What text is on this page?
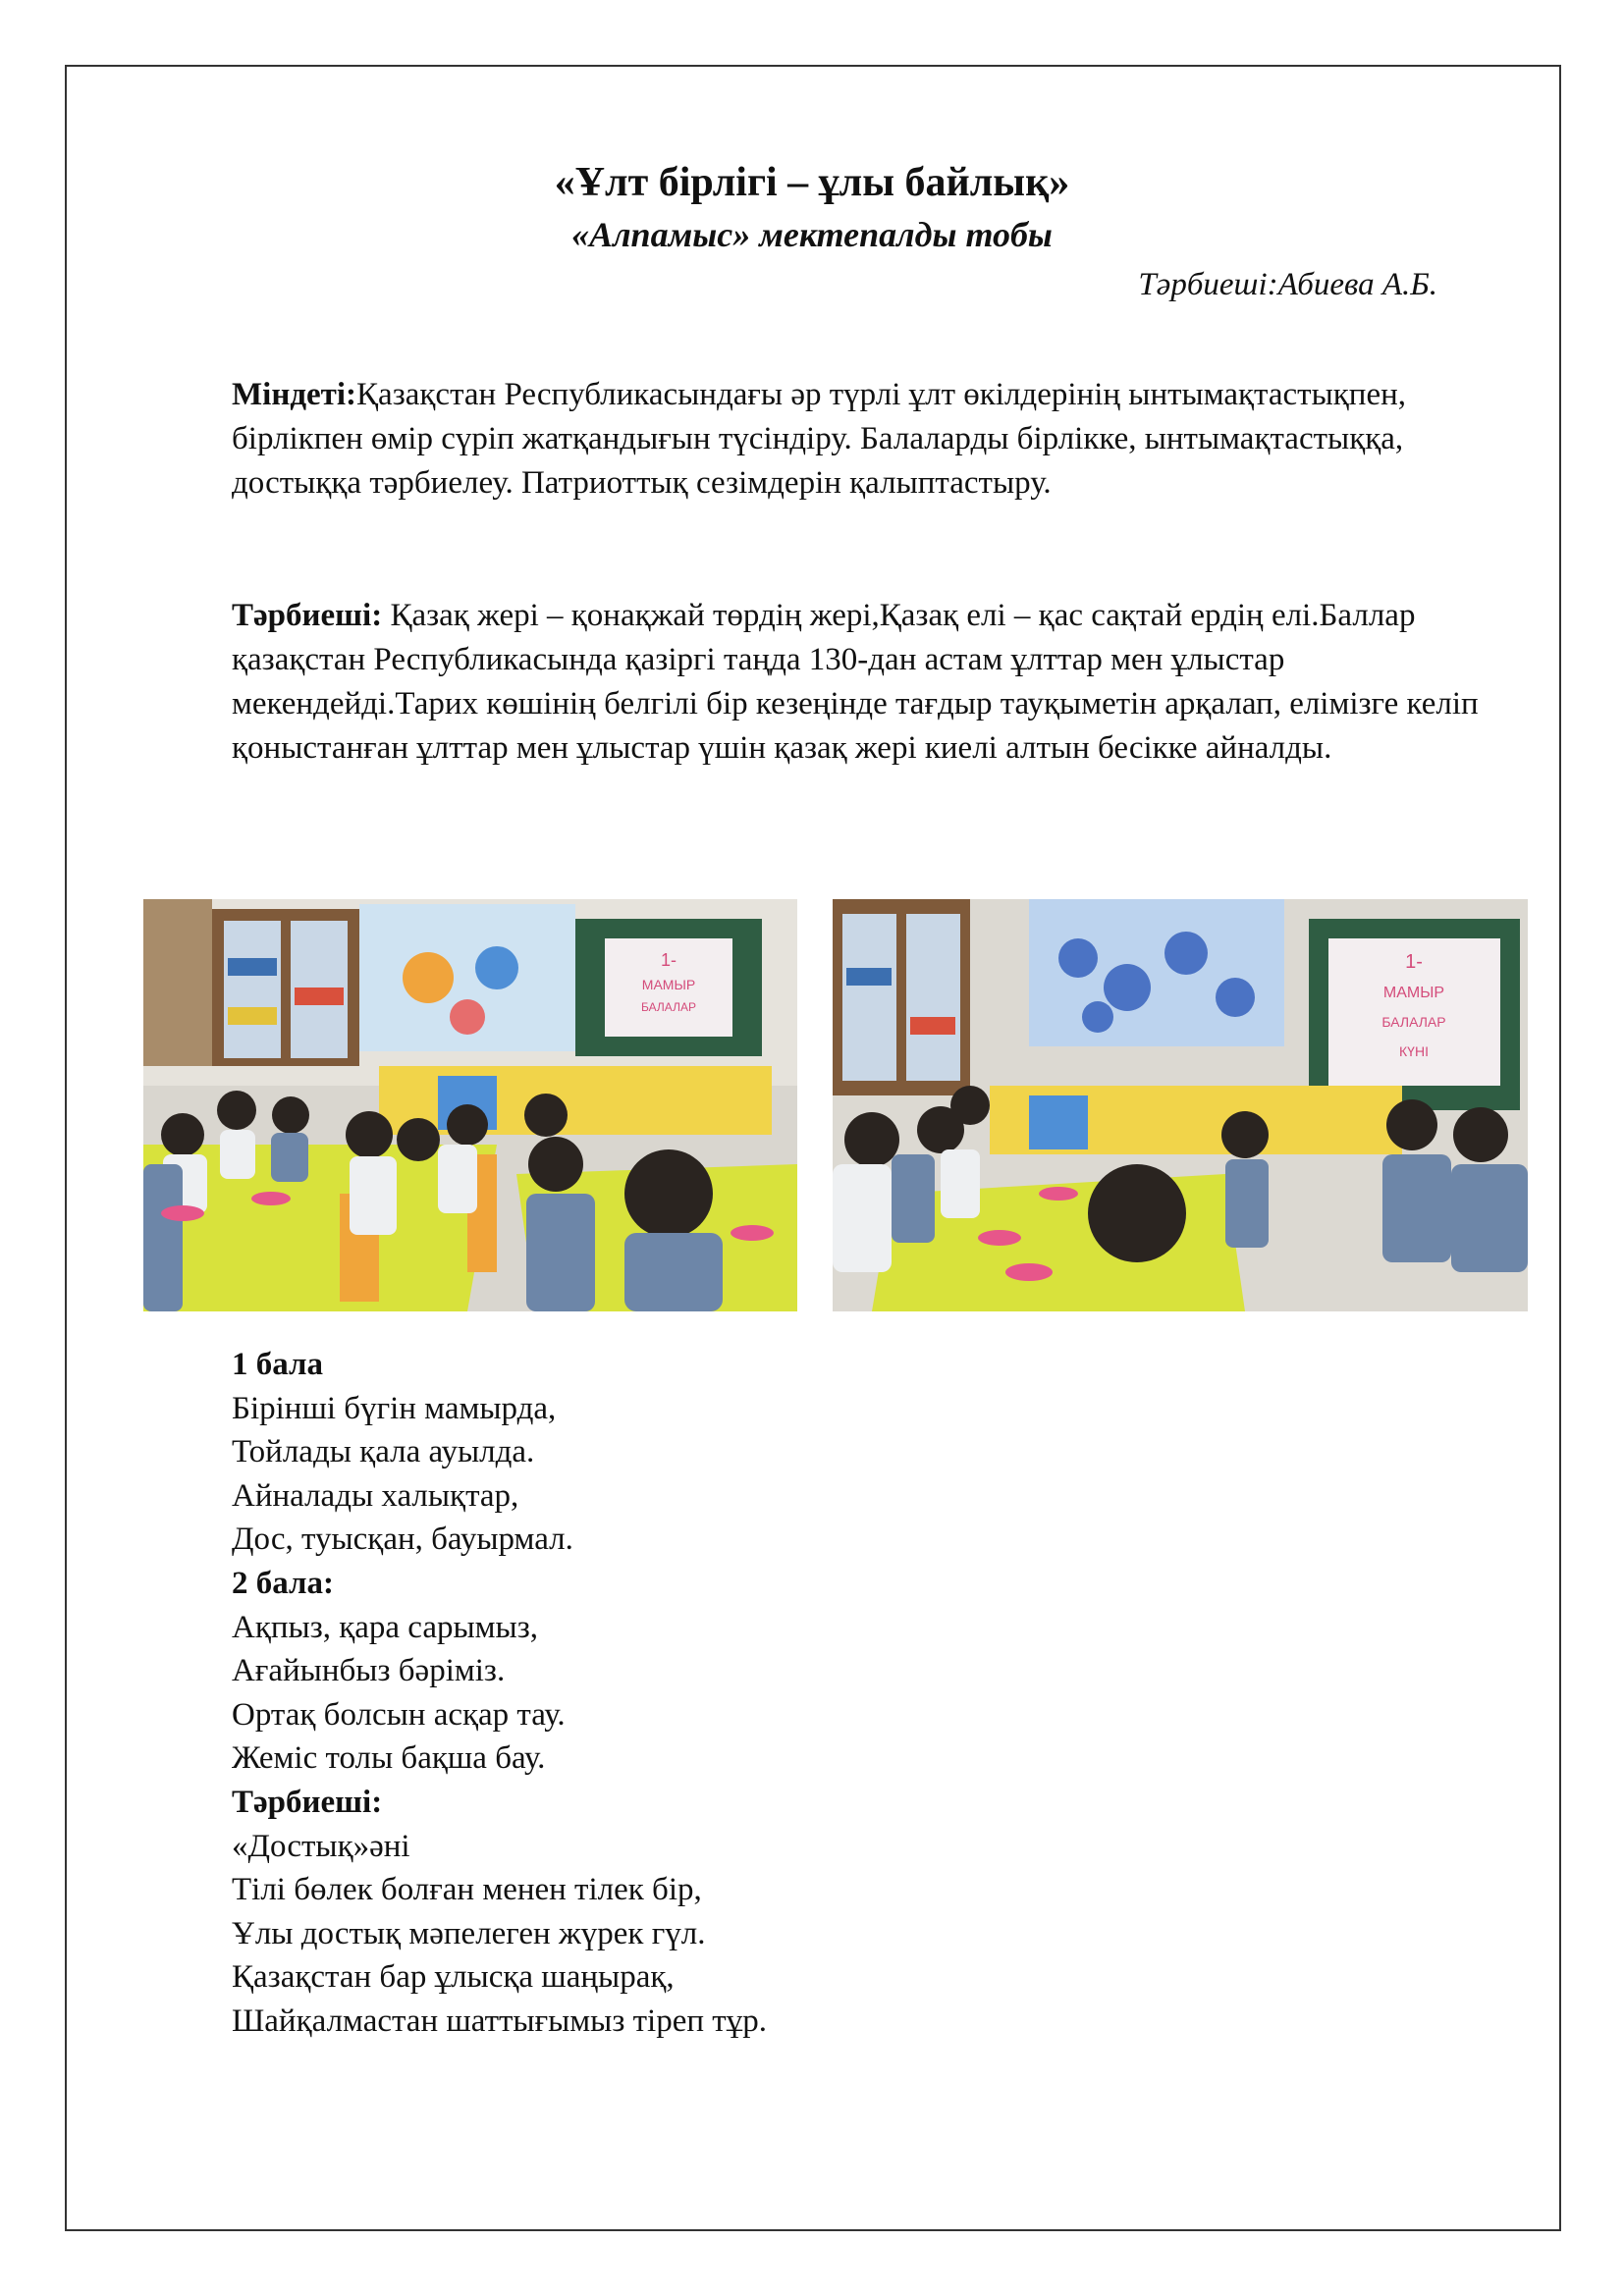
«Ұлт бірлігі – ұлы байлық»
«Алпамыс» мектепалды тобы
Тәрбиеші:Абиева А.Б.

Міндеті:Қазақстан Республикасындағы әр түрлі ұлт өкілдерінің ынтымақтастықпен, бірлікпен өмір сүріп жатқандығын түсіндіру. Балаларды бірлікке, ынтымақтастыққа, достыққа тәрбиелеу. Патриоттық сезімдерін қалыптастыру.

Тәрбиеші: Қазақ жері – қонақжай төрдің жері,Қазақ елі – қас сақтай ердің елі.Баллар қазақстан Республикасында қазіргі таңда 130-дан астам ұлттар мен ұлыстар мекендейді.Тарих көшінің белгілі бір кезеңінде тағдыр тауқыметін арқалап, елімізге келіп қоныстанған ұлттар мен ұлыстар үшін қазақ жері киелі алтын бесікке айналды.

1-
МАМЫР
БАЛАЛАР
1-
МАМЫР
БАЛАЛАР
КҮНІ
1 бала
Бірінші бүгін мамырда,
Тойлады қала ауылда.
Айналады халықтар,
Дос, туысқан, бауырмал.
2 бала:
Ақпыз, қара сарымыз,
Ағайынбыз бәріміз.
Ортақ болсын асқар тау.
Жеміс толы бақша бау.
Тәрбиеші:
«Достық»əні
Тілі бөлек болған менен тілек бір,
Ұлы достық мәпелеген жүрек гүл.
Қазақстан бар ұлысқа шаңырақ,
Шайқалмастан шаттығымыз тіреп тұр.
